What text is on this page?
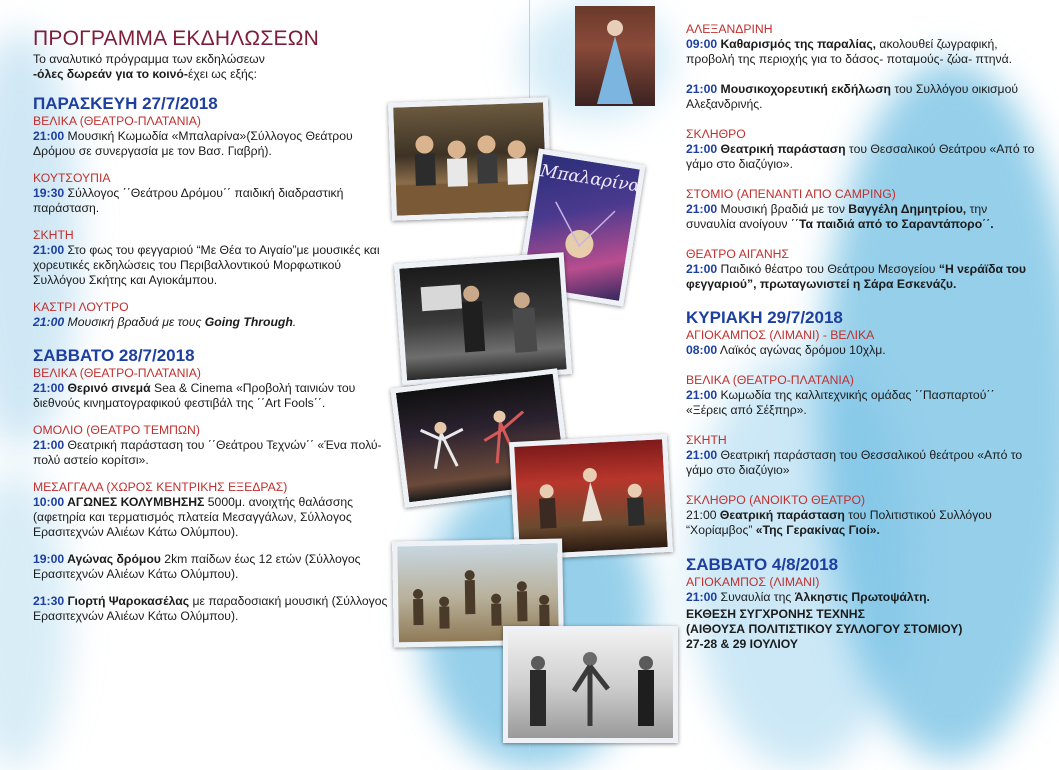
ΠΡΟΓΡΑΜΜΑ ΕΚΔΗΛΩΣΕΩΝ
Το αναλυτικό πρόγραμμα των εκδηλώσεων
-όλες δωρεάν για το κοινό-έχει ως εξής:
ΠΑΡΑΣΚΕΥΗ 27/7/2018
ΒΕΛΙΚΑ (ΘΕΑΤΡΟ-ΠΛΑΤΑΝΙΑ)
21:00 Μουσική Κωμωδία «Μπαλαρίνα»(Σύλλογος Θεάτρου Δρόμου σε συνεργασία με τον Βασ. Γιαβρή).
ΚΟΥΤΣΟΥΠΙΑ
19:30 Σύλλογος ΄΄Θεάτρου Δρόμου΄΄ παιδική διαδραστική παράσταση.
ΣΚΗΤΗ
21:00 Στο φως του φεγγαριού “Με Θέα το Αιγαίο”με μουσικές και χορευτικές εκδηλώσεις του Περιβαλλοντικού Μορφωτικού Συλλόγου Σκήτης και Αγιοκάμπου.
ΚΑΣΤΡΙ ΛΟΥΤΡΟ
21:00 Μουσική βραδυά με τους Going Through.
ΣΑΒΒΑΤΟ 28/7/2018
ΒΕΛΙΚΑ (ΘΕΑΤΡΟ-ΠΛΑΤΑΝΙΑ)
21:00 Θερινό σινεμά Sea & Cinema «Προβολή ταινιών του διεθνούς κινηματογραφικού φεστιβάλ της ΄΄Art Fools΄΄.
ΟΜΟΛΙΟ (ΘΕΑΤΡΟ ΤΕΜΠΩΝ)
21:00 Θεατρική παράσταση του ΄΄Θεάτρου Τεχνών΄΄ «Ένα πολύ-πολύ αστείο κορίτσι».
ΜΕΣΑΓΓΑΛΑ (ΧΩΡΟΣ ΚΕΝΤΡΙΚΗΣ ΕΞΕΔΡΑΣ)
10:00 ΑΓΩΝΕΣ ΚΟΛΥΜΒΗΣΗΣ 5000μ. ανοιχτής θαλάσσης (αφετηρία και τερματισμός πλατεία Μεσαγγάλων, Σύλλογος Ερασιτεχνών Αλιέων Κάτω Ολύμπου).
19:00 Αγώνας δρόμου 2km παίδων έως 12 ετών (Σύλλογος Ερασιτεχνών Αλιέων Κάτω Ολύμπου).
21:30 Γιορτή Ψαροκασέλας με παραδοσιακή μουσική (Σύλλογος Ερασιτεχνών Αλιέων Κάτω Ολύμπου).
Μπαλαρίνα
ΑΛΕΞΑΝΔΡΙΝΗ
09:00 Καθαρισμός της παραλίας, ακολουθεί ζωγραφική, προβολή της περιοχής για το δάσος- ποταμούς- ζώα- πτηνά.
21:00 Μουσικοχορευτική εκδήλωση του Συλλόγου οικισμού Αλεξανδρινής.
ΣΚΛΗΘΡΟ
21:00 Θεατρική παράσταση του Θεσσαλικού Θεάτρου «Από το γάμο στο διαζύγιο».
ΣΤΟΜΙΟ (ΑΠΕΝΑΝΤΙ ΑΠΟ CAMPING)
21:00 Μουσική βραδιά με τον Βαγγέλη Δημητρίου, την συναυλία ανοίγουν ΄΄Τα παιδιά από το Σαραντάπορο΄΄.
ΘΕΑΤΡΟ ΑΙΓΑΝΗΣ
21:00 Παιδικό θέατρο του Θεάτρου Μεσογείου “Η νεράϊδα του φεγγαριού”, πρωταγωνιστεί η Σάρα Εσκενάζυ.
ΚΥΡΙΑΚΗ 29/7/2018
ΑΓΙΟΚΑΜΠΟΣ (ΛΙΜΑΝΙ) - ΒΕΛΙΚΑ
08:00 Λαϊκός αγώνας δρόμου 10χλμ.
ΒΕΛΙΚΑ (ΘΕΑΤΡΟ-ΠΛΑΤΑΝΙΑ)
21:00 Κωμωδία της καλλιτεχνικής ομάδας ΄΄Πασπαρτού΄΄ «Ξέρεις από Σέξπηρ».
ΣΚΗΤΗ
21:00 Θεατρική παράσταση του Θεσσαλικού θεάτρου «Από το γάμο στο διαζύγιο»
ΣΚΛΗΘΡΟ (ΑΝΟΙΚΤΟ ΘΕΑΤΡΟ)
21:00 Θεατρική παράσταση του Πολιτιστικού Συλλόγου “Χορίαμβος” «Της Γερακίνας Γιοί».
ΣΑΒΒΑΤΟ 4/8/2018
ΑΓΙΟΚΑΜΠΟΣ (ΛΙΜΑΝΙ)
21:00 Συναυλία της Άλκηστις Πρωτοψάλτη.
ΕΚΘΕΣΗ ΣΥΓΧΡΟΝΗΣ ΤΕΧΝΗΣ
(ΑΙΘΟΥΣΑ ΠΟΛΙΤΙΣΤΙΚΟΥ ΣΥΛΛΟΓΟΥ ΣΤΟΜΙΟΥ)
27-28 & 29 ΙΟΥΛΙΟΥ
